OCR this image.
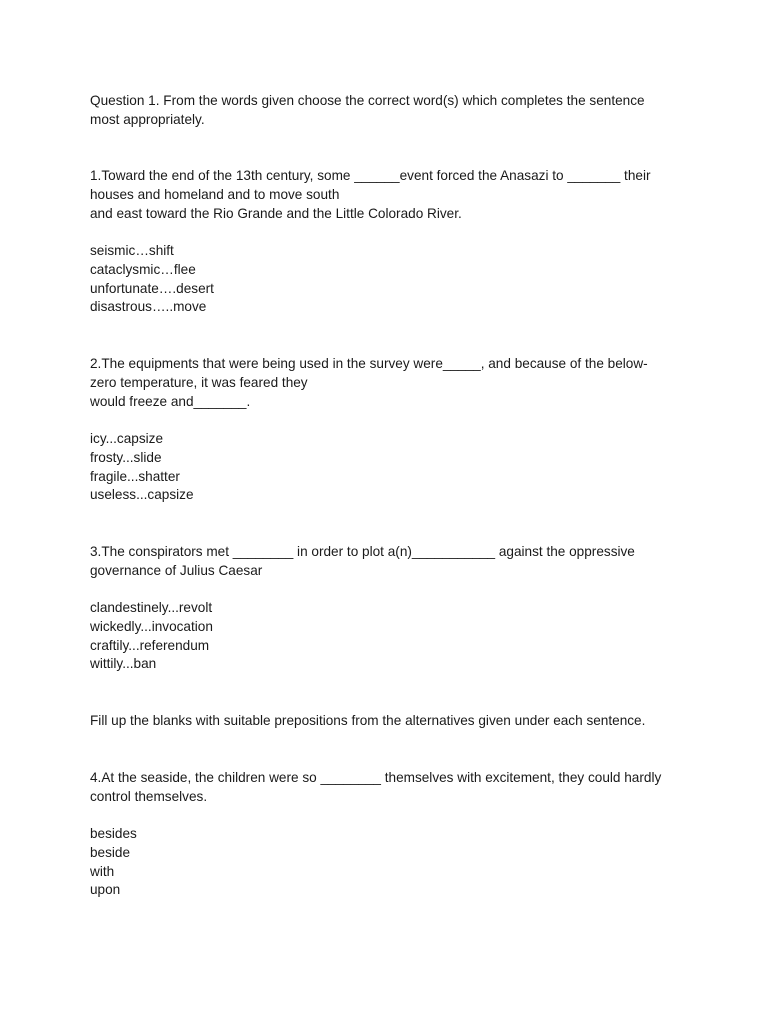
Question 1. From the words given choose the correct word(s) which completes the sentence
most appropriately.
1.Toward the end of the 13th century, some ______event forced the Anasazi to _______ their
houses and homeland and to move south
and east toward the Rio Grande and the Little Colorado River.
seismic…shift
cataclysmic…flee
unfortunate….desert
disastrous…..move
2.The equipments that were being used in the survey were_____, and because of the below-
zero temperature, it was feared they
would freeze and_______.
icy...capsize
frosty...slide
fragile...shatter
useless...capsize
3.The conspirators met ________ in order to plot a(n)___________ against the oppressive
governance of Julius Caesar
clandestinely...revolt
wickedly...invocation
craftily...referendum
wittily...ban
Fill up the blanks with suitable prepositions from the alternatives given under each sentence.
4.At the seaside, the children were so ________ themselves with excitement, they could hardly
control themselves.
besides
beside
with
upon
